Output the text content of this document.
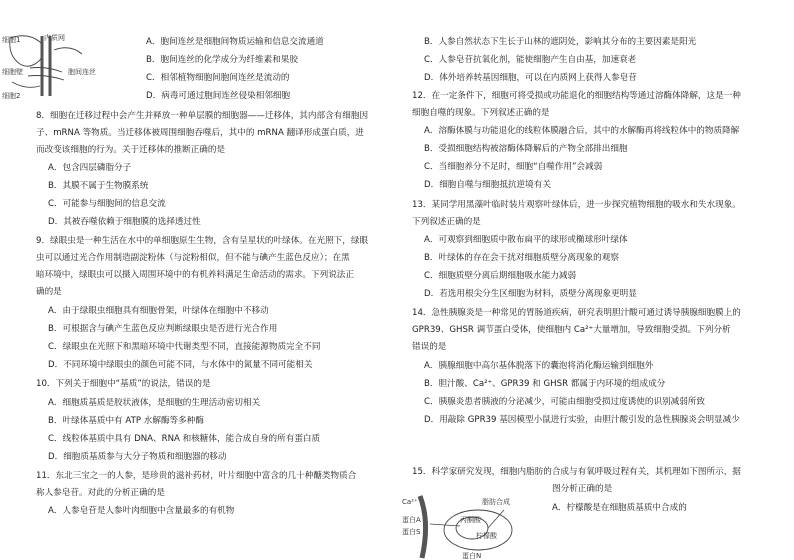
细胞1	内质网
细胞壁	胞间连丝
细胞2
A．胞间连丝是细胞间物质运输和信息交流通道
B．胞间连丝的化学成分为纤维素和果胶
C．相邻植物细胞间胞间连丝是流动的
D．病毒可通过胞间连丝侵染相邻细胞
8．细胞在迁移过程中会产生并释放一种单层膜的细胞器——迁移体，其内部含有细胞因
子、mRNA 等物质。当迁移体被周围细胞吞噬后，其中的 mRNA 翻译形成蛋白质，进
而改变该细胞的行为。关于迁移体的推断正确的是
A．包含四层磷脂分子
B．其膜不属于生物膜系统
C．可能参与细胞间的信息交流
D．其被吞噬依赖于细胞膜的选择透过性
9．绿眼虫是一种生活在水中的单细胞原生生物，含有呈星状的叶绿体。在光照下，绿眼
虫可以通过光合作用制造副淀粉体（与淀粉相似，但不能与碘产生蓝色反应）；在黑
暗环境中，绿眼虫可以摄入周围环境中的有机养料满足生命活动的需求。下列说法正
确的是
A．由于绿眼虫细胞具有细胞骨架，叶绿体在细胞中不移动
B．可根据含与碘产生蓝色反应判断绿眼虫是否进行光合作用
C．绿眼虫在光照下和黑暗环境中代谢类型不同，直接能源物质完全不同
D．不同环境中绿眼虫的颜色可能不同，与水体中的氮量不同可能相关
10．下列关于细胞中“基质”的说法，错误的是
A．细胞质基质是胶状液体，是细胞的生理活动密切相关
B．叶绿体基质中有 ATP 水解酶等多种酶
C．线粒体基质中具有 DNA、RNA 和核糖体，能合成自身的所有蛋白质
D．细胞质基质参与大分子物质和细胞器的移动
11．东北三宝之一的人参，是珍贵的滋补药材，叶片细胞中富含的几十种醣类物质合
称人参皂苷。对此的分析正确的是
A．人参皂苷是人参叶肉细胞中含量最多的有机物
B．人参自然状态下生长于山林的遮阴处，影响其分布的主要因素是阳光
C．人参皂苷抗氧化剂，能使细胞产生自由基，加速衰老
D．体外培养转基因细胞，可以在内质网上获得人参皂苷
12．在一定条件下，细胞可将受损或功能退化的细胞结构等通过溶酶体降解，这是一种
细胞自噬的现象。下列叙述正确的是
A．溶酶体膜与功能退化的线粒体膜融合后，其中的水解酶再将线粒体中的物质降解
B．受损细胞结构被溶酶体降解后的产物全部排出细胞
C．当细胞养分不足时，细胞“自噬作用”会减弱
D．细胞自噬与细胞抵抗逆境有关
13．某同学用黑藻叶临时装片观察叶绿体后，进一步探究植物细胞的吸水和失水现象。
下列叙述正确的是
A．可观察到细胞质中散布扁平的球形或椭球形叶绿体
B．叶绿体的存在会干扰对细胞质壁分离现象的观察
C．细胞质壁分离后期细胞吸水能力减弱
D．若选用根尖分生区细胞为材料，质壁分离现象更明显
14．急性胰腺炎是一种常见的胃肠道疾病，研究表明胆汁酸可通过诱导胰腺细胞膜上的
GPR39、GHSR 调节蛋白受体，使细胞内 Ca²⁺大量增加，导致细胞受损。下列分析
错误的是
A．胰腺细胞中高尔基体脱落下的囊泡将消化酶运输到细胞外
B．胆汁酸、Ca²⁺、GPR39 和 GHSR 都属于内环境的组成成分
C．胰腺炎患者胰液的分泌减少，可能由细胞受损过度诱使的识别减弱所致
D．用敲除 GPR39 基因模型小鼠进行实验，由胆汁酸引发的急性胰腺炎会明显减少
15．科学家研究发现，细胞内脂肪的合成与有氧呼吸过程有关，其机理如下图所示，据
图分析正确的是
A．柠檬酸是在细胞质基质中合成的
Ca²⁺
蛋白A
蛋白S
丙酮酸
柠檬酸
脂肪合成
蛋白N
